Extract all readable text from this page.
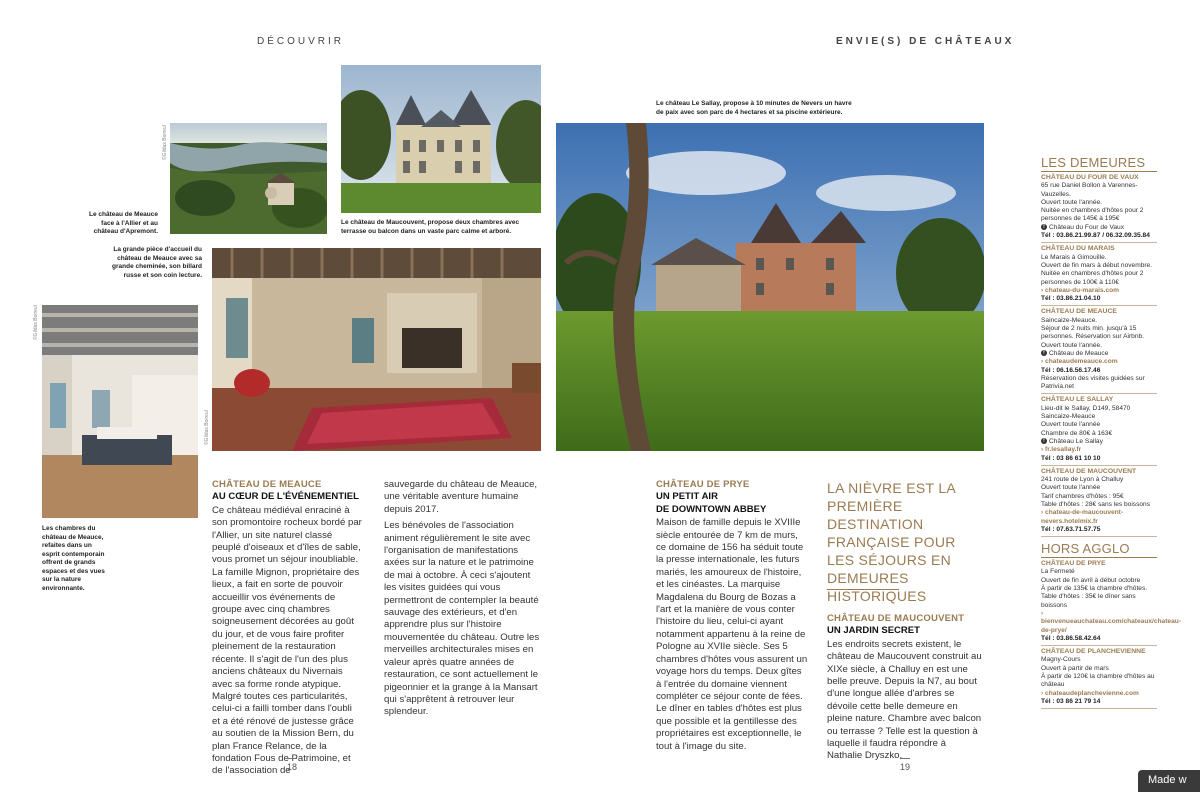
DÉCOUVRIR	ENVIE(S) DE CHÂTEAUX
©Gildas Boireul
Le château de Meauce face à l'Allier et au château d'Apremont.
Le château de Maucouvent, propose deux chambres avec terrasse ou balcon dans un vaste parc calme et arboré.
La grande pièce d'accueil du château de Meauce avec sa grande cheminée, son billard russe et son coin lecture.
©Gildas Boireul
©Gildas Boireul
Les chambres du château de Meauce, refaites dans un esprit contemporain offrent de grands espaces et des vues sur la nature environnante.
Le château Le Sallay, propose à 10 minutes de Nevers un havre de paix avec son parc de 4 hectares et sa piscine extérieure.
CHÂTEAU DE MEAUCE
AU CŒUR DE L'ÉVÉNEMENTIEL
Ce château médiéval enraciné à son promontoire rocheux bordé par l'Allier, un site naturel classé peuplé d'oiseaux et d'îles de sable, vous promet un séjour inoubliable. La famille Mignon, propriétaire des lieux, a fait en sorte de pouvoir accueillir vos événements de groupe avec cinq chambres soigneusement décorées au goût du jour, et de vous faire profiter pleinement de la restauration récente. Il s'agit de l'un des plus anciens châteaux du Nivernais avec sa forme ronde atypique. Malgré toutes ces particularités, celui-ci a failli tomber dans l'oubli et a été rénové de justesse grâce au soutien de la Mission Bern, du plan France Relance, de la fondation Fous de Patrimoine, et de l'association de
sauvegarde du château de Meauce, une véritable aventure humaine depuis 2017.
Les bénévoles de l'association animent régulièrement le site avec l'organisation de manifestations axées sur la nature et le patrimoine de mai à octobre. À ceci s'ajoutent les visites guidées qui vous permettront de contempler la beauté sauvage des extérieurs, et d'en apprendre plus sur l'histoire mouvementée du château. Outre les merveilles architecturales mises en valeur après quatre années de restauration, ce sont actuellement le pigeonnier et la grange à la Mansart qui s'apprêtent à retrouver leur splendeur.
CHÂTEAU DE PRYE
UN PETIT AIR
DE DOWNTOWN ABBEY
Maison de famille depuis le XVIIIe siècle entourée de 7 km de murs, ce domaine de 156 ha séduit toute la presse internationale, les futurs mariés, les amoureux de l'histoire, et les cinéastes. La marquise Magdalena du Bourg de Bozas a l'art et la manière de vous conter l'histoire du lieu, celui-ci ayant notamment appartenu à la reine de Pologne au XVIIe siècle. Ses 5 chambres d'hôtes vous assurent un voyage hors du temps. Deux gîtes à l'entrée du domaine viennent compléter ce séjour conte de fées. Le dîner en tables d'hôtes est plus que possible et la gentillesse des propriétaires est exceptionnelle, le tout à l'image du site.
LA NIÈVRE EST LA PREMIÈRE DESTINATION FRANÇAISE POUR LES SÉJOURS EN DEMEURES HISTORIQUES
CHÂTEAU DE MAUCOUVENT
UN JARDIN SECRET
Les endroits secrets existent, le château de Maucouvent construit au XIXe siècle, à Challuy en est une belle preuve. Depuis la N7, au bout d'une longue allée d'arbres se dévoile cette belle demeure en pleine nature. Chambre avec balcon ou terrasse ? Telle est la question à laquelle il faudra répondre à Nathalie Dryszko,
18	19
LES DEMEURES
CHÂTEAU DU FOUR DE VAUX
65 rue Daniel Bollon à Varennes-Vauzelles.
Ouvert toute l'année.
Nuitée en chambres d'hôtes pour 2 personnes de 145€ à 195€
f Château du Four de Vaux
Tél : 03.86.21.99.87 / 06.32.09.35.84
CHÂTEAU DU MARAIS
Le Marais à Gimouille.
Ouvert de fin mars à début novembre.
Nuitée en chambres d'hôtes pour 2 personnes de 100€ à 110€
› chateau-du-marais.com
Tél : 03.86.21.04.10
CHÂTEAU DE MEAUCE
Saincaize-Meauce.
Séjour de 2 nuits min. jusqu'à 15 personnes. Réservation sur Airbnb.
Ouvert toute l'année.
f Château de Meauce
› chateaudemeauce.com
Tél : 06.16.56.17.46
Réservation des visites guidées sur Patrivia.net
CHÂTEAU LE SALLAY
Lieu-dit le Sallay, D149, 58470 Saincaize-Meauce
Ouvert toute l'année
Chambre de 80€ à 163€
f Château Le Sallay
› fr.lesallay.fr
Tél : 03 86 61 10 10
CHÂTEAU DE MAUCOUVENT
241 route de Lyon à Challuy
Ouvert toute l'année
Tarif chambres d'hôtes : 95€
Table d'hôtes : 28€ sans les boissons
› chateau-de-maucouvent-nevers.hotelmix.fr
Tél : 07.63.71.57.75
HORS AGGLO
CHÂTEAU DE PRYE
La Fermeté
Ouvert de fin avril à début octobre
À partir de 135€ la chambre d'hôtes. Table d'hôtes : 35€ le dîner sans boissons
› bienvenueauchateau.com/chateaux/chateau-de-prye/
Tél : 03.86.58.42.64
CHÂTEAU DE PLANCHEVIENNE
Magny-Cours
Ouvert à partir de mars
À partir de 120€ la chambre d'hôtes au château
› chateaudeplanchevienne.com
Tél : 03 86 21 79 14
Made w
